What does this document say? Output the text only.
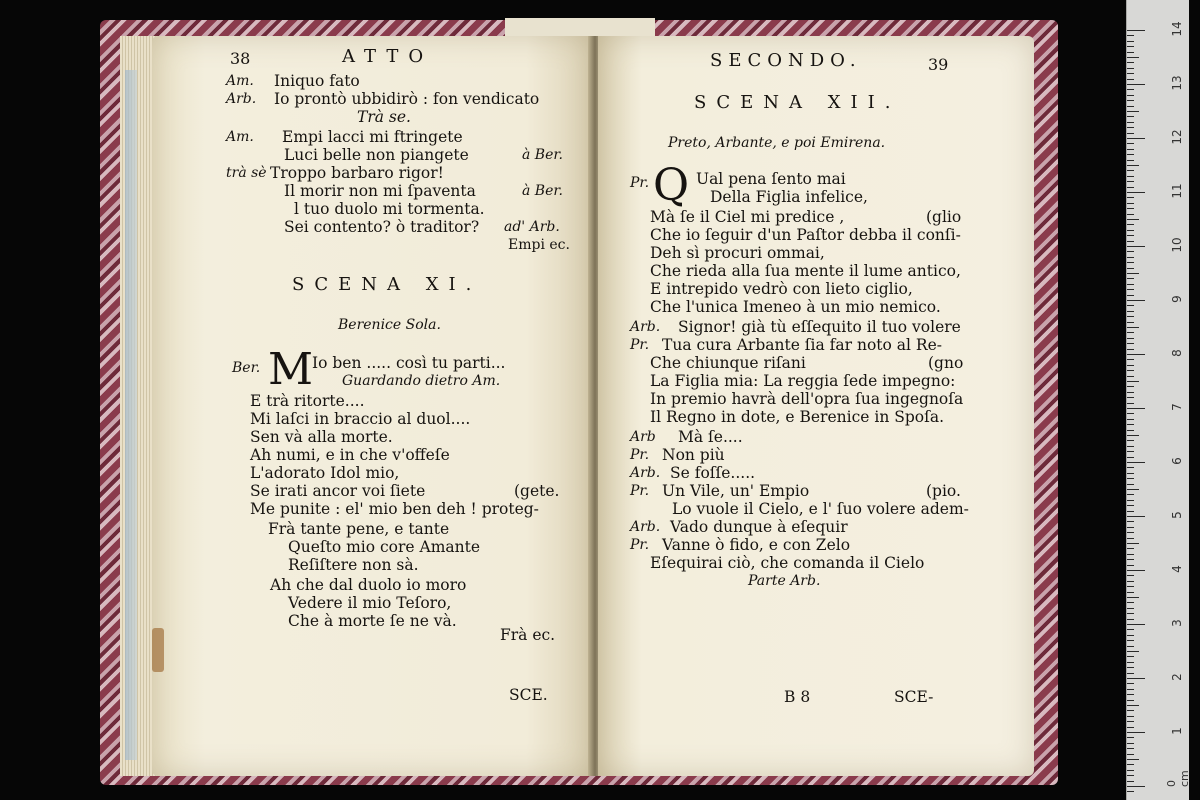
38	ATTO
Am. Iniquo fato
Arb. Io prontò ubbidirò : fon vendicato
Trà se.
Am. Empi lacci mi ftringete
Luci belle non piangete	à Ber.
trà sè Troppo barbaro rigor!
Il morir non mi ſpaventa	à Ber.
l tuo duolo mi tormenta.
Sei contento? ò traditor? ad' Arb.
Empi ec.
SCENA XI.
Berenice Sola.
Ber. M
Io ben ..... così tu parti...
Guardando dietro Am.
E trà ritorte....
Mi laſci in braccio al duol....
Sen và alla morte.
Ah numi, e in che v'offeſe
L'adorato Idol mio,
Se irati ancor voi ſiete	(gete.
Me punite : el' mio ben deh ! proteg-
Frà tante pene, e tante
Queſto mio core Amante
Reſiſtere non sà.
Ah che dal duolo io moro
Vedere il mio Teſoro,
Che à morte ſe ne và.
Frà ec.
SCE.
SECONDO.	39
SCENA XII.
Preto, Arbante, e poi Emirena.
Pr. Q Ual pena ſento mai
Della Figlia infelice,
Mà ſe il Ciel mi predice ,	(glio
Che io ſeguir d'un Paſtor debba il conſi-
Deh sì procuri ommai,
Che rieda alla ſua mente il lume antico,
E intrepido vedrò con lieto ciglio,
Che l'unica Imeneo à un mio nemico.
Arb. Signor! già tù eſſequito il tuo volere
Pr. Tua cura Arbante ſia far noto al Re-
Che chiunque riſani	(gno
La Figlia mia: La reggia ſede impegno:
In premio havrà dell'opra ſua ingegnoſa
Il Regno in dote, e Berenice in Spoſa.
Arb Mà ſe....
Pr. Non più
Arb. Se foſſe.....
Pr. Un Vile, un' Empio	(pio.
Lo vuole il Cielo, e l' ſuo volere adem-
Arb. Vado dunque à eſequir
Pr. Vanne ò fido, e con Zelo
Eſequirai ciò, che comanda il Cielo
Parte Arb.
B 8	SCE-
14
13
12
11
10
9
8
7
6
5
4
3
2
1
0 cm
